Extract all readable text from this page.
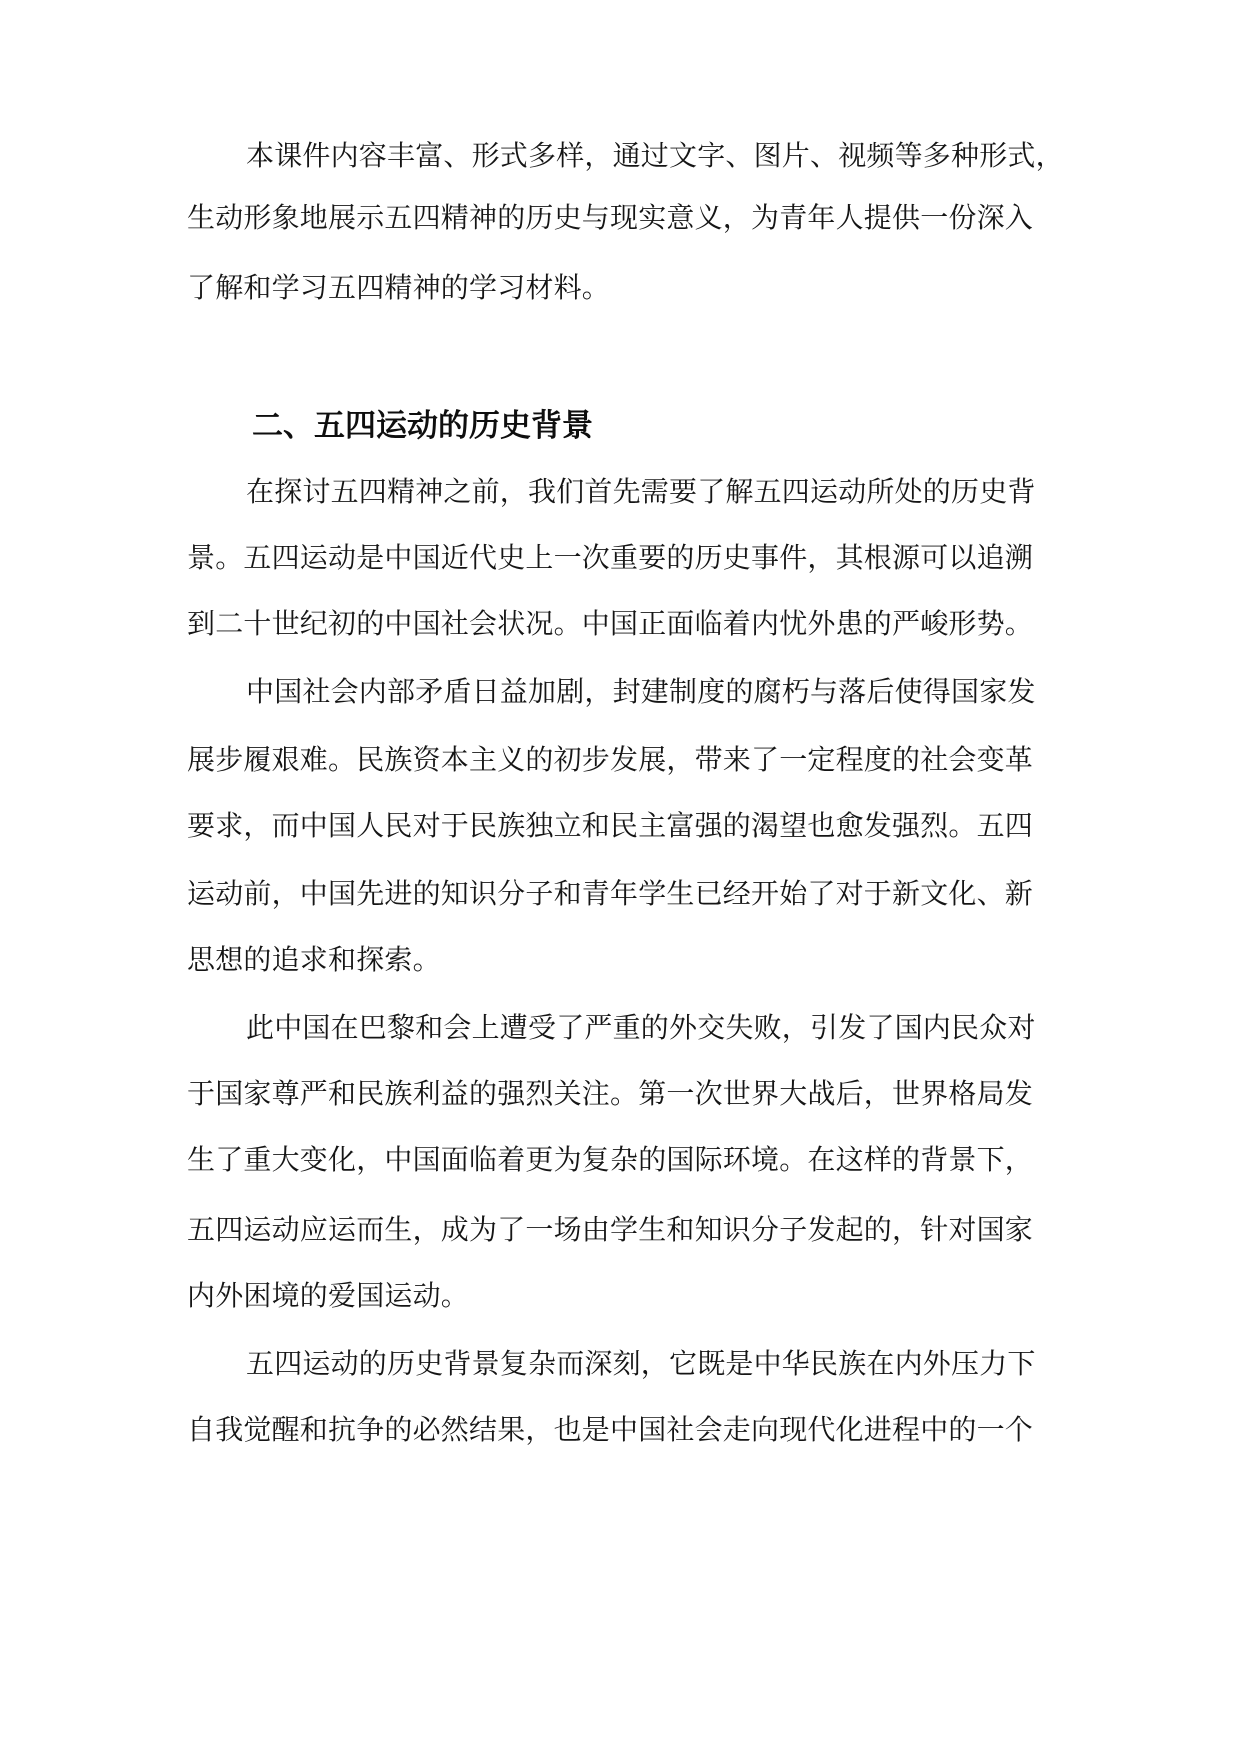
本课件内容丰富、形式多样，通过文字、图片、视频等多种形式，

生动形象地展示五四精神的历史与现实意义，为青年人提供一份深入

了解和学习五四精神的学习材料。

二、五四运动的历史背景

在探讨五四精神之前，我们首先需要了解五四运动所处的历史背

景。五四运动是中国近代史上一次重要的历史事件，其根源可以追溯

到二十世纪初的中国社会状况。中国正面临着内忧外患的严峻形势。

中国社会内部矛盾日益加剧，封建制度的腐朽与落后使得国家发

展步履艰难。民族资本主义的初步发展，带来了一定程度的社会变革

要求，而中国人民对于民族独立和民主富强的渴望也愈发强烈。五四

运动前，中国先进的知识分子和青年学生已经开始了对于新文化、新

思想的追求和探索。

此中国在巴黎和会上遭受了严重的外交失败，引发了国内民众对

于国家尊严和民族利益的强烈关注。第一次世界大战后，世界格局发

生了重大变化，中国面临着更为复杂的国际环境。在这样的背景下，

五四运动应运而生，成为了一场由学生和知识分子发起的，针对国家

内外困境的爱国运动。

五四运动的历史背景复杂而深刻，它既是中华民族在内外压力下

自我觉醒和抗争的必然结果，也是中国社会走向现代化进程中的一个
